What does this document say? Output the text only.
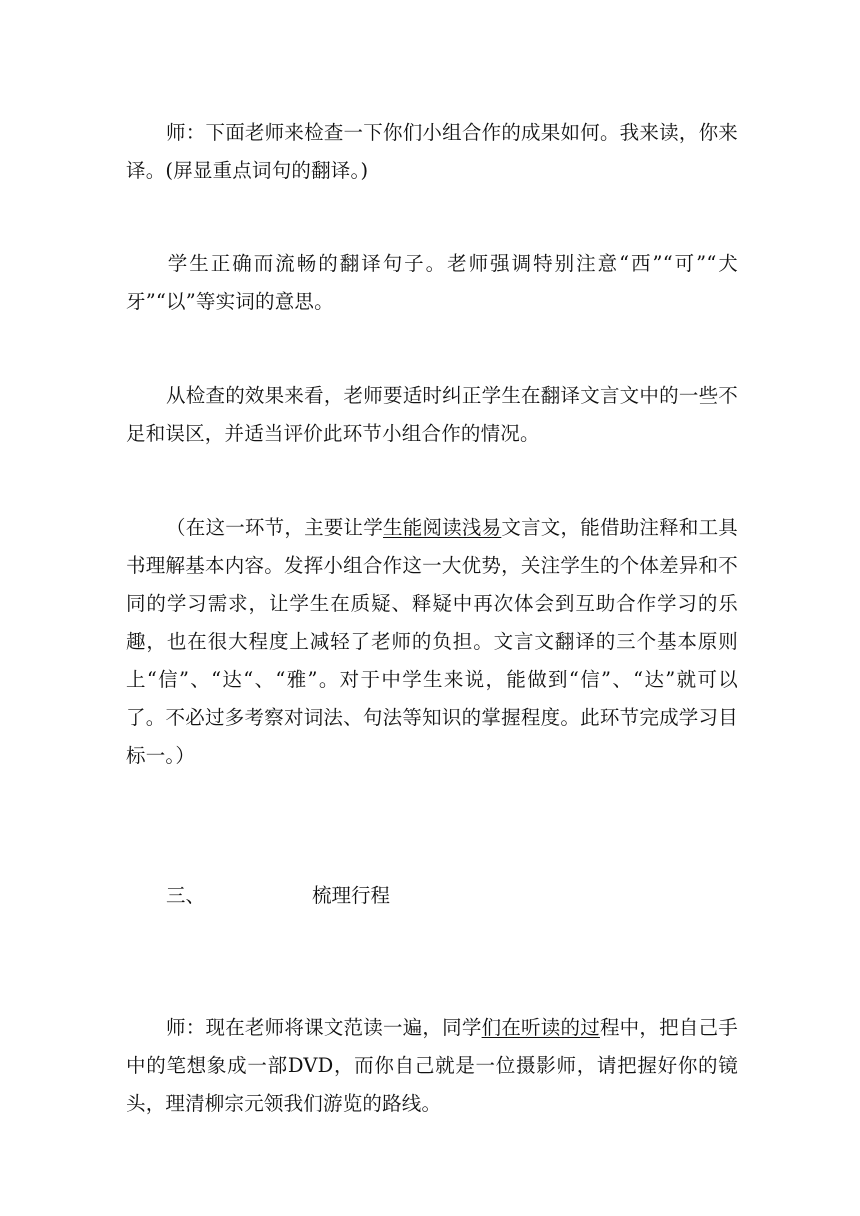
师：下面老师来检查一下你们小组合作的成果如何。我来读，你来译。(屏显重点词句的翻译。)

学生正确而流畅的翻译句子。老师强调特别注意“西”“可”“犬牙”“以”等实词的意思。

从检查的效果来看，老师要适时纠正学生在翻译文言文中的一些不足和误区，并适当评价此环节小组合作的情况。

（在这一环节，主要让学生能阅读浅易文言文，能借助注释和工具书理解基本内容。发挥小组合作这一大优势，关注学生的个体差异和不同的学习需求，让学生在质疑、释疑中再次体会到互助合作学习的乐趣，也在很大程度上减轻了老师的负担。文言文翻译的三个基本原则上“信”、“达“、“雅”。对于中学生来说，能做到“信”、“达”就可以了。不必过多考察对词法、句法等知识的掌握程度。此环节完成学习目标一。）

三、	梳理行程

师：现在老师将课文范读一遍，同学们在听读的过程中，把自己手中的笔想象成一部DVD，而你自己就是一位摄影师，请把握好你的镜头，理清柳宗元领我们游览的路线。
